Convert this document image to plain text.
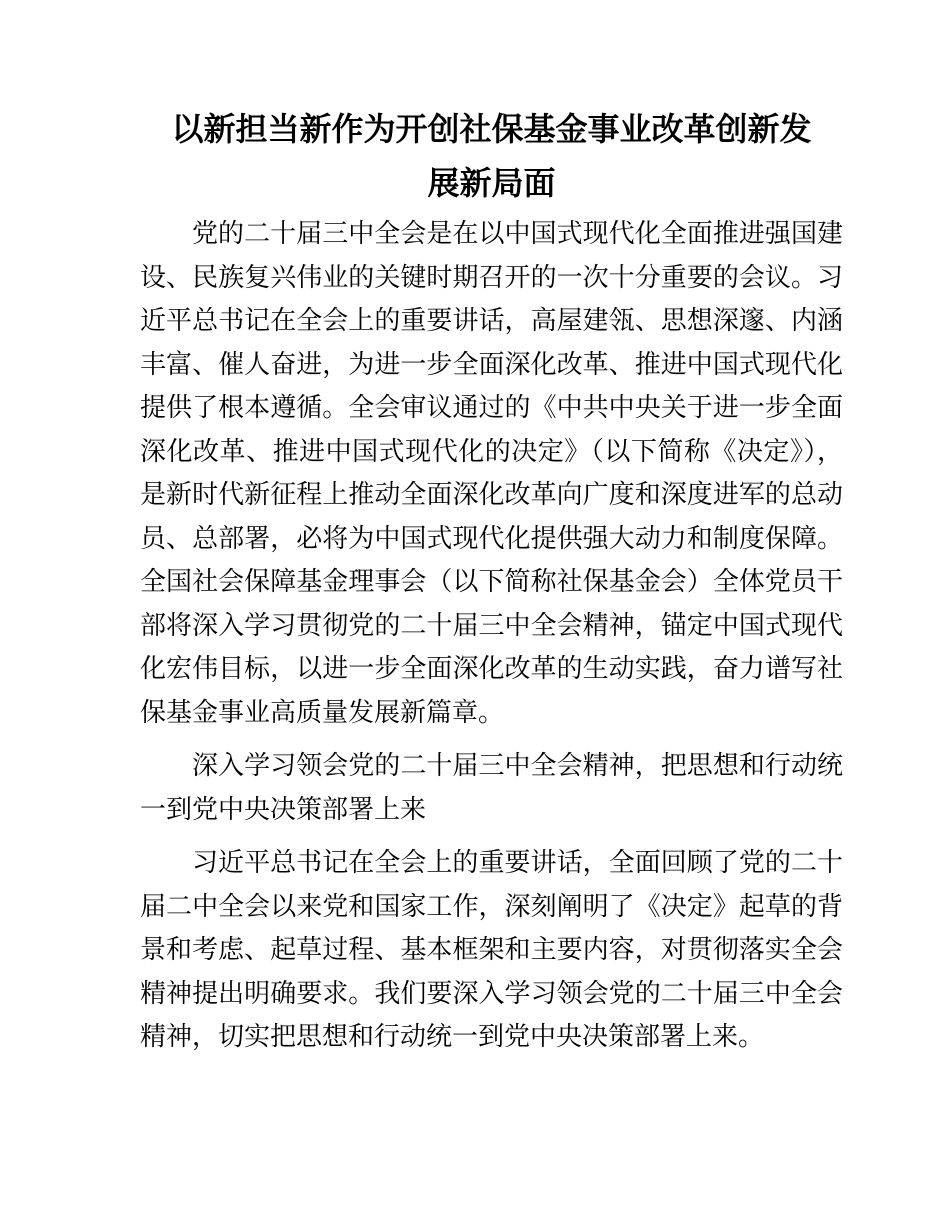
以新担当新作为开创社保基金事业改革创新发展新局面

党的二十届三中全会是在以中国式现代化全面推进强国建设、民族复兴伟业的关键时期召开的一次十分重要的会议。习近平总书记在全会上的重要讲话，高屋建瓴、思想深邃、内涵丰富、催人奋进，为进一步全面深化改革、推进中国式现代化提供了根本遵循。全会审议通过的《中共中央关于进一步全面深化改革、推进中国式现代化的决定》（以下简称《决定》），是新时代新征程上推动全面深化改革向广度和深度进军的总动员、总部署，必将为中国式现代化提供强大动力和制度保障。全国社会保障基金理事会（以下简称社保基金会）全体党员干部将深入学习贯彻党的二十届三中全会精神，锚定中国式现代化宏伟目标，以进一步全面深化改革的生动实践，奋力谱写社保基金事业高质量发展新篇章。

深入学习领会党的二十届三中全会精神，把思想和行动统一到党中央决策部署上来

习近平总书记在全会上的重要讲话，全面回顾了党的二十届二中全会以来党和国家工作，深刻阐明了《决定》起草的背景和考虑、起草过程、基本框架和主要内容，对贯彻落实全会精神提出明确要求。我们要深入学习领会党的二十届三中全会精神，切实把思想和行动统一到党中央决策部署上来。
